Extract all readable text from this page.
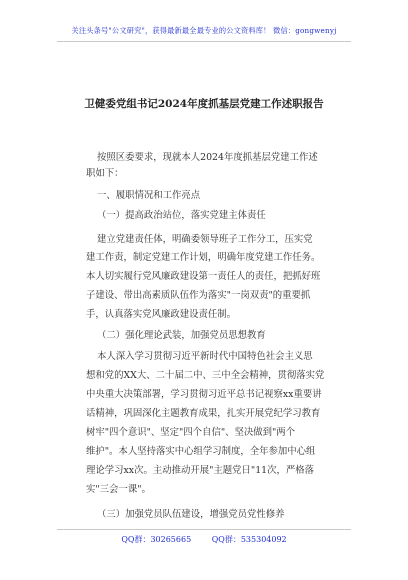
关注头条号"公文研究"，获得最新最全最专业的公文资料库！ 微信：gongwenyj
卫健委党组书记2024年度抓基层党建工作述职报告
按照区委要求，现就本人2024年度抓基层党建工作述
职如下：
一、履职情况和工作亮点
（一）提高政治站位，落实党建主体责任
建立党建责任体，明确委领导班子工作分工，压实党
建工作责，制定党建工作计划，明确年度党建工作任务。
本人切实履行党风廉政建设第一责任人的责任，把抓好班
子建设、带出高素质队伍作为落实"一岗双责"的重要抓
手，认真落实党风廉政建设责任制。
（二）强化理论武装，加强党员思想教育
本人深入学习贯彻习近平新时代中国特色社会主义思
想和党的XX大、二十届二中、三中全会精神，贯彻落实党
中央重大决策部署，学习贯彻习近平总书记视察xx重要讲
话精神，巩固深化主题教育成果，扎实开展党纪学习教育
树牢"四个意识"、坚定"四个自信"、坚决做到"两个
维护"。本人坚持落实中心组学习制度，全年参加中心组
理论学习xx次。主动推动开展"主题党日"11次，严格落
实"三会一课"。
（三）加强党员队伍建设，增强党员党性修养
QQ群：30265665	QQ群：535304092
